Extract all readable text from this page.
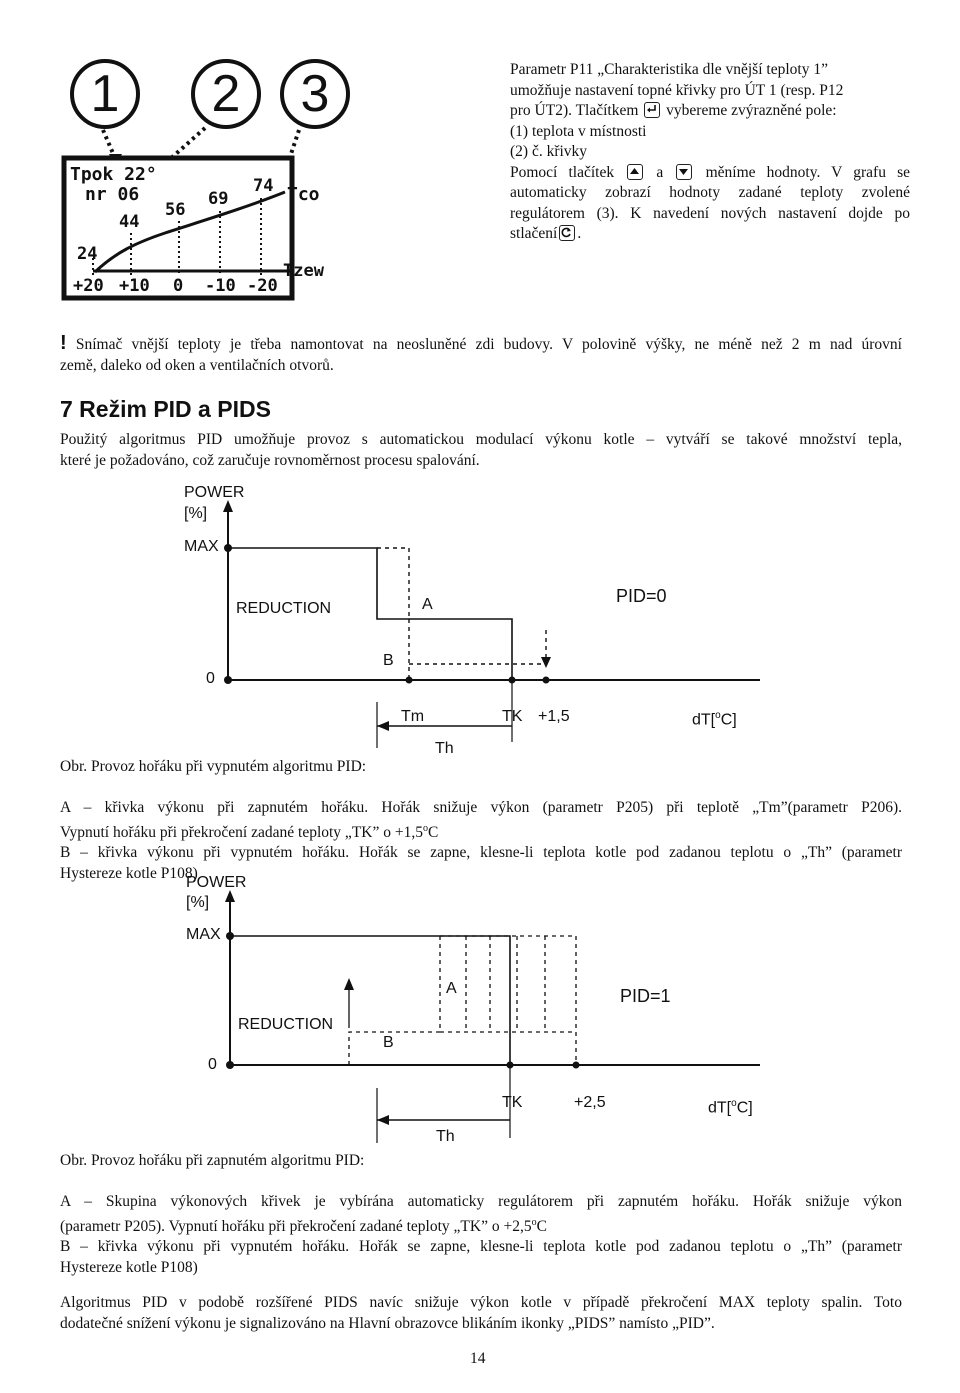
1	2	3
Tpok 22°
Tco
nr 06
24
44
56
69
74
Tzew
+20 +10 0 -10 -20
Parametr P11 „Charakteristika dle vnější teploty 1”
umožňuje nastavení topné křivky pro ÚT 1 (resp. P12
pro ÚT2). Tlačítkem vybereme zvýrazněné pole:
(1) teplota v místnosti
(2) č. křivky
Pomocí tlačítek	a	měníme hodnoty. V grafu se
automaticky zobrazí hodnoty zadané teploty zvolené
regulátorem (3). K navedení nových nastavení dojde po
stlačení .
! Snímač vnější teploty je třeba namontovat na neosluněné zdi budovy. V polovině výšky, ne méně než 2 m nad úrovní
země, daleko od oken a ventilačních otvorů.
7 Režim PID a PIDS
Použitý algoritmus PID umožňuje provoz s automatickou modulací výkonu kotle – vytváří se takové množství tepla,
které je požadováno, což zaručuje rovnoměrnost procesu spalování.
POWER
[%]
MAX
REDUCTION	A	PID=0
B
0
Tm	TK +1,5	dT[$^o$C]
Th
Obr. Provoz hořáku při vypnutém algoritmu PID:
A – křivka výkonu při zapnutém hořáku. Hořák snižuje výkon (parametr P205) při teplotě „Tm”(parametr P206).
Vypnutí hořáku při překročení zadané teploty „TK” $o +1,5^oC$
B – křivka výkonu při vypnutém hořáku. Hořák se zapne, klesne-li teplota kotle pod zadanou teplotu o „Th” (parametr
Hystereze kotle P108)
POWER
[%]
MAX
REDUCTION
A	PID=1
B
0
TK	+2,5	dT[$^o$C]
Th
Obr. Provoz hořáku při zapnutém algoritmu PID:
A – Skupina výkonových křivek je vybírána automaticky regulátorem při zapnutém hořáku. Hořák snižuje výkon
(parametr P205). Vypnutí hořáku při překročení zadané teploty „TK” $o +2,5^oC$
B – křivka výkonu při vypnutém hořáku. Hořák se zapne, klesne-li teplota kotle pod zadanou teplotu o „Th” (parametr
Hystereze kotle P108)
Algoritmus PID v podobě rozšířené PIDS navíc snižuje výkon kotle v případě překročení MAX teploty spalin. Toto
dodatečné snížení výkonu je signalizováno na Hlavní obrazovce blikáním ikonky „PIDS” namísto „PID”.
14
